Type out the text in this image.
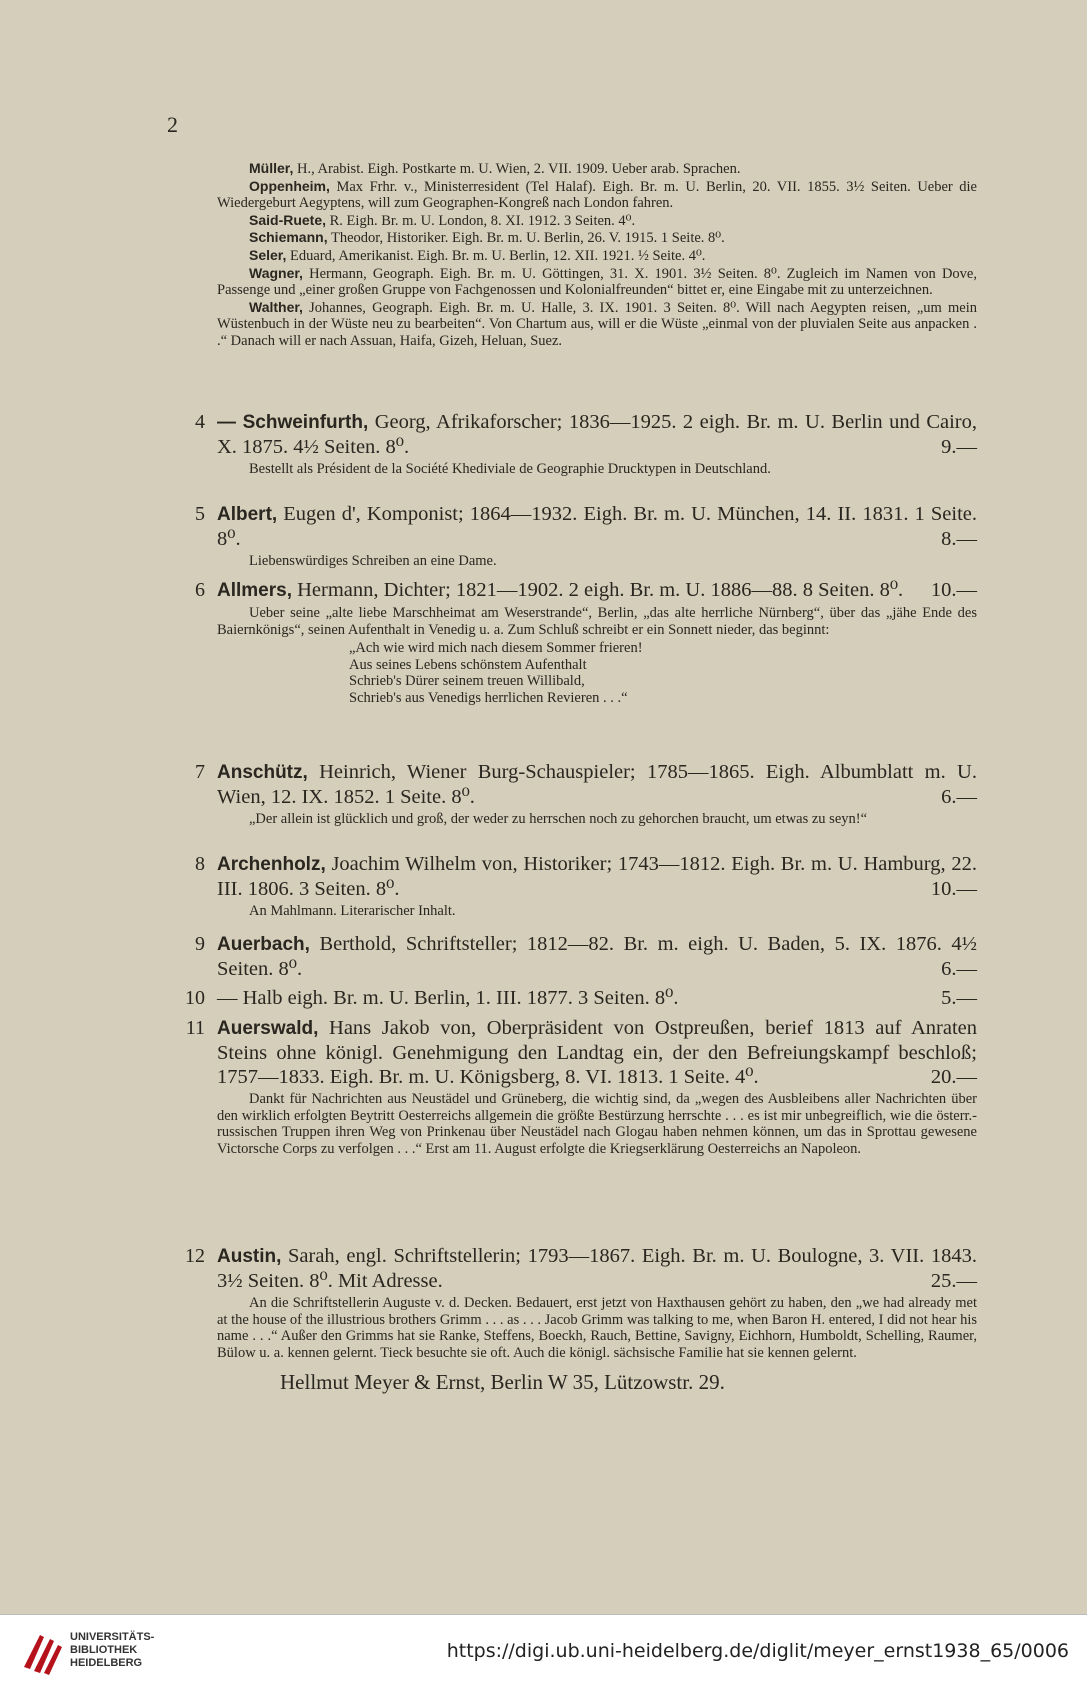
2

Müller, H., Arabist. Eigh. Postkarte m. U. Wien, 2. VII. 1909. Ueber arab. Sprachen.

Oppenheim, Max Frhr. v., Ministerresident (Tel Halaf). Eigh. Br. m. U. Berlin, 20. VII. 1855. 3½ Seiten. Ueber die Wiedergeburt Aegyptens, will zum Geographen-Kongreß nach London fahren.

Said-Ruete, R. Eigh. Br. m. U. London, 8. XI. 1912. 3 Seiten. 4⁰.

Schiemann, Theodor, Historiker. Eigh. Br. m. U. Berlin, 26. V. 1915. 1 Seite. 8⁰.

Seler, Eduard, Amerikanist. Eigh. Br. m. U. Berlin, 12. XII. 1921. ½ Seite. 4⁰.

Wagner, Hermann, Geograph. Eigh. Br. m. U. Göttingen, 31. X. 1901. 3½ Seiten. 8⁰. Zugleich im Namen von Dove, Passenge und „einer großen Gruppe von Fachgenossen und Kolonialfreunden“ bittet er, eine Eingabe mit zu unterzeichnen.

Walther, Johannes, Geograph. Eigh. Br. m. U. Halle, 3. IX. 1901. 3 Seiten. 8⁰. Will nach Aegypten reisen, „um mein Wüstenbuch in der Wüste neu zu bearbeiten“. Von Chartum aus, will er die Wüste „einmal von der pluvialen Seite aus anpacken . .“ Danach will er nach Assuan, Haifa, Gizeh, Heluan, Suez.

4 — Schweinfurth, Georg, Afrikaforscher; 1836—1925. 2 eigh. Br. m. U. Berlin und Cairo, X. 1875. 4½ Seiten. 8⁰.	9.—
Bestellt als Président de la Société Khediviale de Geographie Drucktypen in Deutschland.
5 Albert, Eugen d', Komponist; 1864—1932. Eigh. Br. m. U. München, 14. II. 1831. 1 Seite. 8⁰.	8.—
Liebenswürdiges Schreiben an eine Dame.
6 Allmers, Hermann, Dichter; 1821—1902. 2 eigh. Br. m. U. 1886—88. 8 Seiten. 8⁰. 10.—
Ueber seine „alte liebe Marschheimat am Weserstrande“, Berlin, „das alte herrliche Nürnberg“, über das „jähe Ende des Baiernkönigs“, seinen Aufenthalt in Venedig u. a. Zum Schluß schreibt er ein Sonnett nieder, das beginnt:
„Ach wie wird mich nach diesem Sommer frieren!
Aus seines Lebens schönstem Aufenthalt
Schrieb's Dürer seinem treuen Willibald,
Schrieb's aus Venedigs herrlichen Revieren . . .“
7 Anschütz, Heinrich, Wiener Burg-Schauspieler; 1785—1865. Eigh. Albumblatt m. U. Wien, 12. IX. 1852. 1 Seite. 8⁰.	6.—
„Der allein ist glücklich und groß, der weder zu herrschen noch zu gehorchen braucht, um etwas zu seyn!“
8 Archenholz, Joachim Wilhelm von, Historiker; 1743—1812. Eigh. Br. m. U. Hamburg, 22. III. 1806. 3 Seiten. 8⁰.	10.—
An Mahlmann. Literarischer Inhalt.
9 Auerbach, Berthold, Schriftsteller; 1812—82. Br. m. eigh. U. Baden, 5. IX. 1876. 4½ Seiten. 8⁰.	6.—
10 — Halb eigh. Br. m. U. Berlin, 1. III. 1877. 3 Seiten. 8⁰.	5.—
11 Auerswald, Hans Jakob von, Oberpräsident von Ostpreußen, berief 1813 auf Anraten Steins ohne königl. Genehmigung den Landtag ein, der den Befreiungskampf beschloß; 1757—1833. Eigh. Br. m. U. Königsberg, 8. VI. 1813. 1 Seite. 4⁰.	20.—
Dankt für Nachrichten aus Neustädel und Grüneberg, die wichtig sind, da „wegen des Ausbleibens aller Nachrichten über den wirklich erfolgten Beytritt Oesterreichs allgemein die größte Bestürzung herrschte . . . es ist mir unbegreiflich, wie die österr.-russischen Truppen ihren Weg von Prinkenau über Neustädel nach Glogau haben nehmen können, um das in Sprottau gewesene Victorsche Corps zu verfolgen . . .“ Erst am 11. August erfolgte die Kriegserklärung Oesterreichs an Napoleon.
12 Austin, Sarah, engl. Schriftstellerin; 1793—1867. Eigh. Br. m. U. Boulogne, 3. VII. 1843. 3½ Seiten. 8⁰. Mit Adresse.	25.—
An die Schriftstellerin Auguste v. d. Decken. Bedauert, erst jetzt von Haxthausen gehört zu haben, den „we had already met at the house of the illustrious brothers Grimm . . . as . . . Jacob Grimm was talking to me, when Baron H. entered, I did not hear his name . . .“ Außer den Grimms hat sie Ranke, Steffens, Boeckh, Rauch, Bettine, Savigny, Eichhorn, Humboldt, Schelling, Raumer, Bülow u. a. kennen gelernt. Tieck besuchte sie oft. Auch die königl. sächsische Familie hat sie kennen gelernt.
Hellmut Meyer & Ernst, Berlin W 35, Lützowstr. 29.
UNIVERSITÄTS-
BIBLIOTHEK
HEIDELBERG
https://digi.ub.uni-heidelberg.de/diglit/meyer_ernst1938_65/0006
